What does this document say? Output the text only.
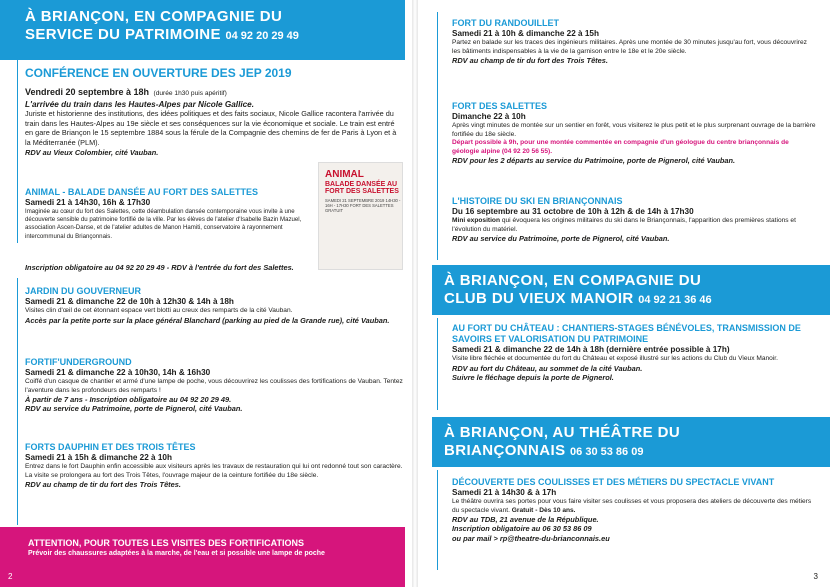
À BRIANÇON, EN COMPAGNIE DU
SERVICE DU PATRIMOINE 04 92 20 29 49
CONFÉRENCE EN OUVERTURE DES JEP 2019
Vendredi 20 septembre à 18h (durée 1h30 puis apéritif)
L'arrivée du train dans les Hautes-Alpes par Nicole Gallice.
Juriste et historienne des institutions, des idées politiques et des faits sociaux, Nicole Gallice racontera l'arrivée du train dans les Hautes-Alpes au 19e siècle et ses conséquences sur la vie économique et sociale. Le train est entré en gare de Briançon le 15 septembre 1884 sous la férule de la Compagnie des chemins de fer de Paris à Lyon et à la Méditerranée (PLM).
RDV au Vieux Colombier, cité Vauban.
ANIMAL - BALADE DANSÉE AU FORT DES SALETTES
Samedi 21 à 14h30, 16h & 17h30
Imaginée au cœur du fort des Salettes, cette déambulation dansée contemporaine vous invite à une découverte sensible du patrimoine fortifié de la ville. Par les élèves de l'atelier d'Isabelle Bazin Mazuel, association Ascen-Danse, et de l'atelier adultes de Manon Hamiti, conservatoire à rayonnement intercommunal du Briançonnais.
Inscription obligatoire au 04 92 20 29 49 - RDV à l'entrée du fort des Salettes.
ANIMAL
BALADE DANSÉE AU FORT DES SALETTES
SAMEDI 21 SEPTEMBRE 2019 14H30 - 16H - 17H30 FORT DES SALETTES GRATUIT
JARDIN DU GOUVERNEUR
Samedi 21 & dimanche 22 de 10h à 12h30 & 14h à 18h
Visites clin d'œil de cet étonnant espace vert blotti au creux des remparts de la cité Vauban.
Accès par la petite porte sur la place général Blanchard (parking au pied de la Grande rue), cité Vauban.
FORTIF'UNDERGROUND
Samedi 21 & dimanche 22 à 10h30, 14h & 16h30
Coiffé d'un casque de chantier et armé d'une lampe de poche, vous découvrirez les coulisses des fortifications de Vauban. Tentez l'aventure dans les profondeurs des remparts !
À partir de 7 ans - Inscription obligatoire au 04 92 20 29 49.
RDV au service du Patrimoine, porte de Pignerol, cité Vauban.
FORTS DAUPHIN ET DES TROIS TÊTES
Samedi 21 à 15h & dimanche 22 à 10h
Entrez dans le fort Dauphin enfin accessible aux visiteurs après les travaux de restauration qui lui ont redonné tout son caractère. La visite se prolongera au fort des Trois Têtes, l'ouvrage majeur de la ceinture fortifiée du 18e siècle.
RDV au champ de tir du fort des Trois Têtes.
ATTENTION, POUR TOUTES LES VISITES DES FORTIFICATIONS
Prévoir des chaussures adaptées à la marche, de l'eau et si possible une lampe de poche
2
FORT DU RANDOUILLET
Samedi 21 à 10h & dimanche 22 à 15h
Partez en balade sur les traces des ingénieurs militaires. Après une montée de 30 minutes jusqu'au fort, vous découvrirez les bâtiments indispensables à la vie de la garnison entre le 18e et le 20e siècle.
RDV au champ de tir du fort des Trois Têtes.
FORT DES SALETTES
Dimanche 22 à 10h
Après vingt minutes de montée sur un sentier en forêt, vous visiterez le plus petit et le plus surprenant ouvrage de la barrière fortifiée du 18e siècle.
Départ possible à 9h, pour une montée commentée en compagnie d'un géologue du centre briançonnais de géologie alpine (04 92 20 56 55).
RDV pour les 2 départs au service du Patrimoine, porte de Pignerol, cité Vauban.
L'HISTOIRE DU SKI EN BRIANÇONNAIS
Du 16 septembre au 31 octobre de 10h à 12h & de 14h à 17h30
Mini exposition qui évoquera les origines militaires du ski dans le Briançonnais, l'apparition des premières stations et l'évolution du matériel.
RDV au service du Patrimoine, porte de Pignerol, cité Vauban.
À BRIANÇON, EN COMPAGNIE DU
CLUB DU VIEUX MANOIR 04 92 21 36 46
AU FORT DU CHÂTEAU : CHANTIERS-STAGES BÉNÉVOLES, TRANSMISSION DE SAVOIRS ET VALORISATION DU PATRIMOINE
Samedi 21 & dimanche 22 de 14h à 18h (dernière entrée possible à 17h)
Visite libre fléchée et documentée du fort du Château et exposé illustré sur les actions du Club du Vieux Manoir.
RDV au fort du Château, au sommet de la cité Vauban.
Suivre le fléchage depuis la porte de Pignerol.
À BRIANÇON, AU THÉÂTRE DU
BRIANÇONNAIS 06 30 53 86 09
DÉCOUVERTE DES COULISSES ET DES MÉTIERS DU SPECTACLE VIVANT
Samedi 21 à 14h30 & à 17h
Le théâtre ouvrira ses portes pour vous faire visiter ses coulisses et vous proposera des ateliers de découverte des métiers du spectacle vivant. Gratuit - Dès 10 ans.
RDV au TDB, 21 avenue de la République.
Inscription obligatoire au 06 30 53 86 09
ou par mail > rp@theatre-du-brianconnais.eu
3
